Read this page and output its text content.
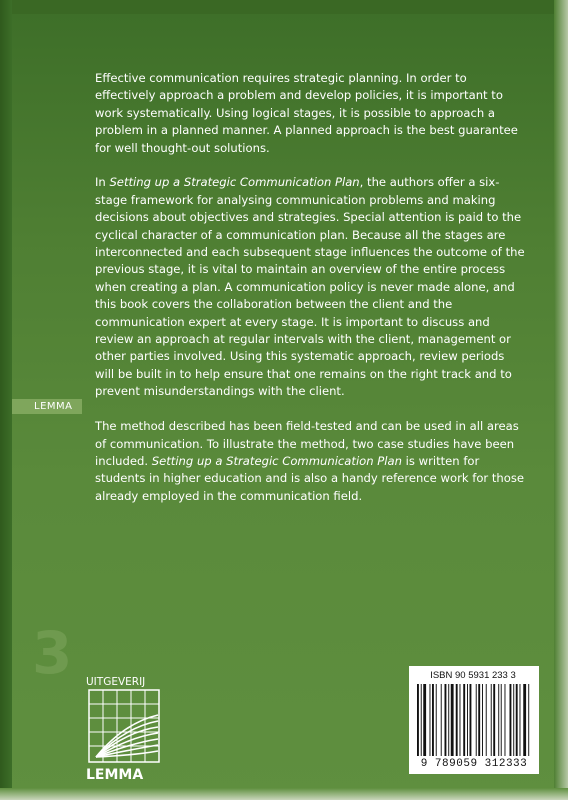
Effective communication requires strategic planning. In order to effectively approach a problem and develop policies, it is important to work systematically. Using logical stages, it is possible to approach a problem in a planned manner. A planned approach is the best guarantee for well thought-out solutions.

In Setting up a Strategic Communication Plan, the authors offer a six-stage framework for analysing communication problems and making decisions about objectives and strategies. Special attention is paid to the cyclical character of a communication plan. Because all the stages are interconnected and each subsequent stage influences the outcome of the previous stage, it is vital to maintain an overview of the entire process when creating a plan. A communication policy is never made alone, and this book covers the collaboration between the client and the communication expert at every stage. It is important to discuss and review an approach at regular intervals with the client, management or other parties involved. Using this systematic approach, review periods will be built in to help ensure that one remains on the right track and to prevent misunderstandings with the client.

The method described has been field-tested and can be used in all areas of communication. To illustrate the method, two case studies have been included. Setting up a Strategic Communication Plan is written for students in higher education and is also a handy reference work for those already employed in the communication field.

LEMMA
3 UITGEVERIJ
LEMMA
ISBN 90 5931 233 3
9 789059 312333
